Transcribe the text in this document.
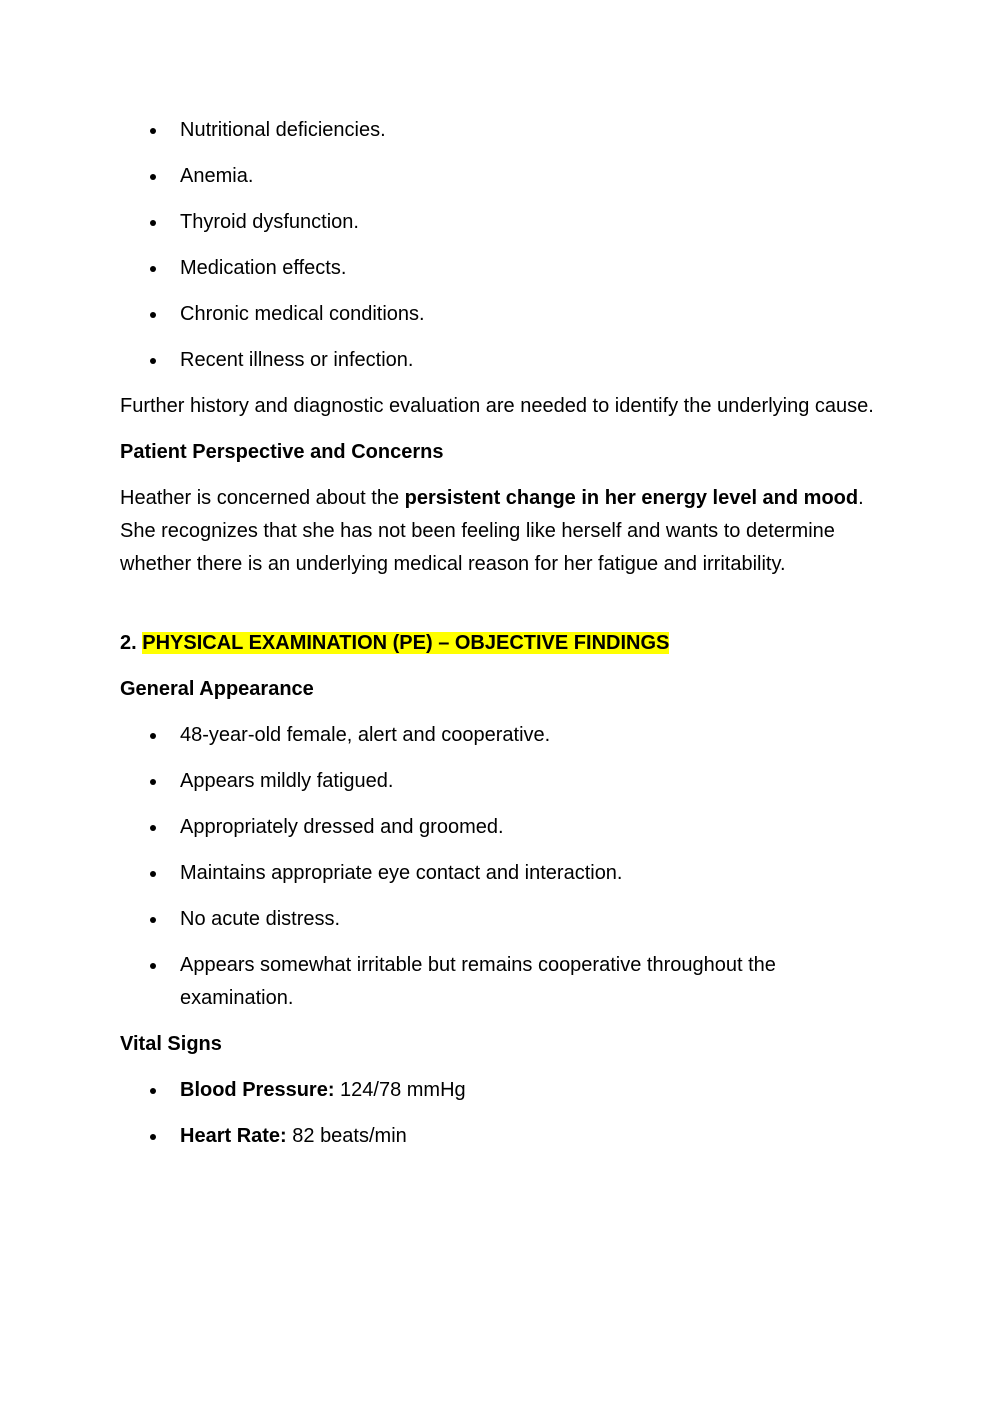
Nutritional deficiencies.
Anemia.
Thyroid dysfunction.
Medication effects.
Chronic medical conditions.
Recent illness or infection.

Further history and diagnostic evaluation are needed to identify the underlying cause.

Patient Perspective and Concerns

Heather is concerned about the persistent change in her energy level and mood. She recognizes that she has not been feeling like herself and wants to determine whether there is an underlying medical reason for her fatigue and irritability.

2. PHYSICAL EXAMINATION (PE) – OBJECTIVE FINDINGS
General Appearance
48-year-old female, alert and cooperative.
Appears mildly fatigued.
Appropriately dressed and groomed.
Maintains appropriate eye contact and interaction.
No acute distress.
Appears somewhat irritable but remains cooperative throughout the examination.
Vital Signs
Blood Pressure: 124/78 mmHg
Heart Rate: 82 beats/min
